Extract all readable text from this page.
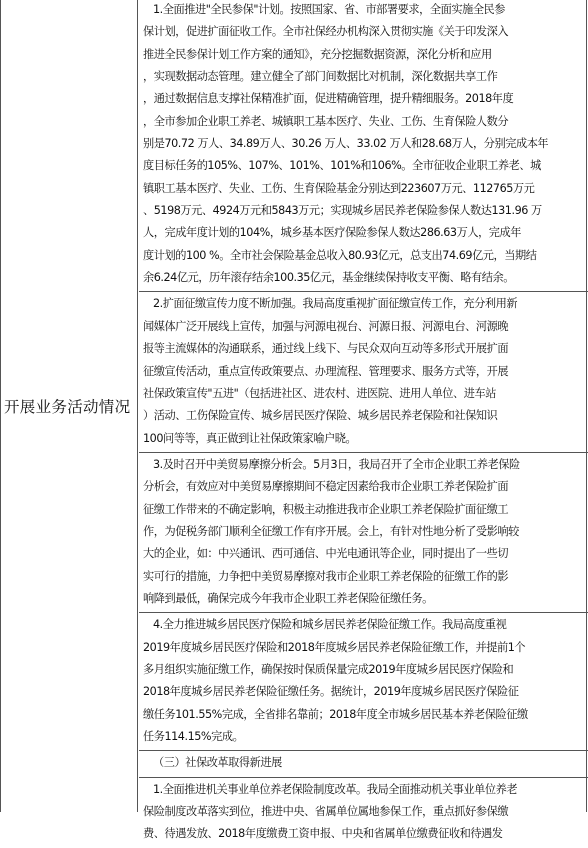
开展业务活动情况
1.全面推进"全民参保"计划。按照国家、省、市部署要求，全面实施全民参
保计划，促进扩面征收工作。全市社保经办机构深入贯彻实施《关于印发深入
推进全民参保计划工作方案的通知》，充分挖掘数据资源，深化分析和应用
，实现数据动态管理。建立健全了部门间数据比对机制，深化数据共享工作
，通过数据信息支撑社保精准扩面，促进精确管理，提升精细服务。2018年度
，全市参加企业职工养老、城镇职工基本医疗、失业、工伤、生育保险人数分
别是70.72 万人、34.89万人、30.26 万人、33.02 万人和28.68万人，分别完成本年
度目标任务的105%、107%、101%、101%和106%。全市征收企业职工养老、城
镇职工基本医疗、失业、工伤、生育保险基金分别达到223607万元、112765万元
、5198万元、4924万元和5843万元；实现城乡居民养老保险参保人数达131.96 万
人，完成年度计划的104%，城乡基本医疗保险参保人数达286.63万人，完成年
度计划的100 %。全市社会保险基金总收入80.93亿元，总支出74.69亿元，当期结
余6.24亿元，历年滚存结余100.35亿元，基金继续保持收支平衡、略有结余。
2.扩面征缴宣传力度不断加强。我局高度重视扩面征缴宣传工作，充分利用新
闻媒体广泛开展线上宣传，加强与河源电视台、河源日报、河源电台、河源晚
报等主流媒体的沟通联系，通过线上线下、与民众双向互动等多形式开展扩面
征缴宣传活动，重点宣传政策要点、办理流程、管理要求、服务方式等，开展
社保政策宣传"五进"（包括进社区、进农村、进医院、进用人单位、进车站
）活动、工伤保险宣传、城乡居民医疗保险、城乡居民养老保险和社保知识
100问等等，真正做到让社保政策家喻户晓。
3.及时召开中美贸易摩擦分析会。5月3日，我局召开了全市企业职工养老保险
分析会，有效应对中美贸易摩擦期间不稳定因素给我市企业职工养老保险扩面
征缴工作带来的不确定影响，积极主动推进我市企业职工养老保险扩面征缴工
作，为促税务部门顺利全征缴工作有序开展。会上，有针对性地分析了受影响较
大的企业，如：中兴通讯、西可通信、中光电通讯等企业，同时提出了一些切
实可行的措施，力争把中美贸易摩擦对我市企业职工养老保险的征缴工作的影
响降到最低，确保完成今年我市企业职工养老保险征缴任务。
4.全力推进城乡居民医疗保险和城乡居民养老保险征缴工作。我局高度重视
2019年度城乡居民医疗保险和2018年度城乡居民养老保险征缴工作，并提前1个
多月组织实施征缴工作，确保按时保质保量完成2019年度城乡居民医疗保险和
2018年度城乡居民养老保险征缴任务。据统计，2019年度城乡居民医疗保险征
缴任务101.55%完成，全省排名靠前；2018年度全市城乡居民基本养老保险征缴
任务114.15%完成。
（三）社保改革取得新进展
1.全面推进机关事业单位养老保险制度改革。我局全面推动机关事业单位养老
保险制度改革落实到位，推进中央、省属单位属地参保工作，重点抓好参保缴
费、待遇发放、2018年度缴费工资申报、中央和省属单位缴费征收和待遇发
